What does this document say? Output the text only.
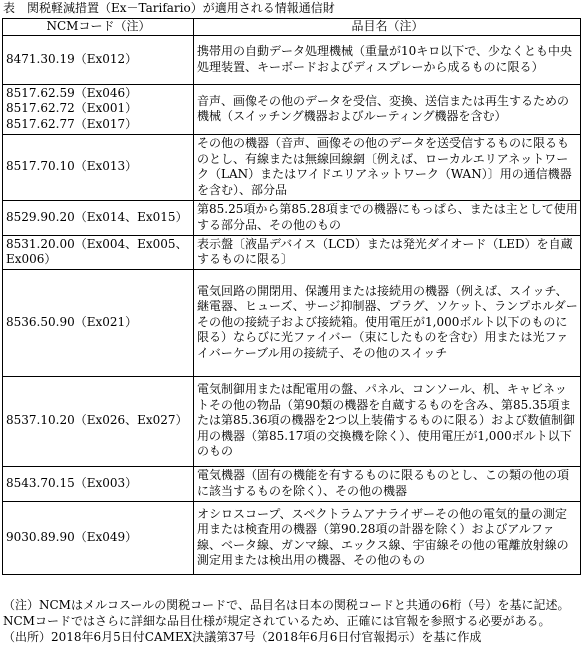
表　関税軽減措置（Ex－Tarifario）が適用される情報通信財
NCMコード（注）	品目名（注）

8471.30.19（Ex012）	携帯用の自動データ処理機械（重量が10キロ以下で、少なくとも中央処理装置、キーボードおよびディスプレーから成るものに限る）

8517.62.59（Ex046）
8517.62.72（Ex001）
8517.62.77（Ex017）	音声、画像その他のデータを受信、変換、送信または再生するための機械（スイッチング機器およびルーティング機器を含む）

8517.70.10（Ex013）	その他の機器（音声、画像その他のデータを送受信するものに限るものとし、有線または無線回線網〔例えば、ローカルエリアネットワーク（LAN）またはワイドエリアネットワーク（WAN）〕用の通信機器を含む）、部分品

8529.90.20（Ex014、Ex015）	第85.25項から第85.28項までの機器にもっぱら、または主として使用する部分品、その他のもの

8531.20.00（Ex004、Ex005、
Ex006）	表示盤〔液晶デバイス（LCD）または発光ダイオード（LED）を自蔵するものに限る〕

8536.50.90（Ex021）	電気回路の開閉用、保護用または接続用の機器（例えば、スイッチ、継電器、ヒューズ、サージ抑制器、プラグ、ソケット、ランプホルダーその他の接続子および接続箱。使用電圧が1,000ボルト以下のものに限る）ならびに光ファイバー（束にしたものを含む）用または光ファイバーケーブル用の接続子、その他のスイッチ

8537.10.20（Ex026、Ex027）	電気制御用または配電用の盤、パネル、コンソール、机、キャビネットその他の物品（第90類の機器を自蔵するものを含み、第85.35項または第85.36項の機器を2つ以上装備するものに限る）および数値制御用の機器（第85.17項の交換機を除く）、使用電圧が1,000ボルト以下のもの

8543.70.15（Ex003）	電気機器（固有の機能を有するものに限るものとし、この類の他の項に該当するものを除く）、その他の機器

9030.89.90（Ex049）	オシロスコープ、スペクトラムアナライザーその他の電気的量の測定用または検査用の機器（第90.28項の計器を除く）およびアルファ線、ベータ線、ガンマ線、エックス線、宇宙線その他の電離放射線の測定用または検出用の機器、その他のもの

（注）NCMはメルコスールの関税コードで、品目名は日本の関税コードと共通の6桁（号）を基に記述。NCMコードではさらに詳細な品目仕様が規定されているため、正確には官報を参照する必要がある。

（出所）2018年6月5日付CAMEX決議第37号（2018年6月6日付官報掲示）を基に作成
